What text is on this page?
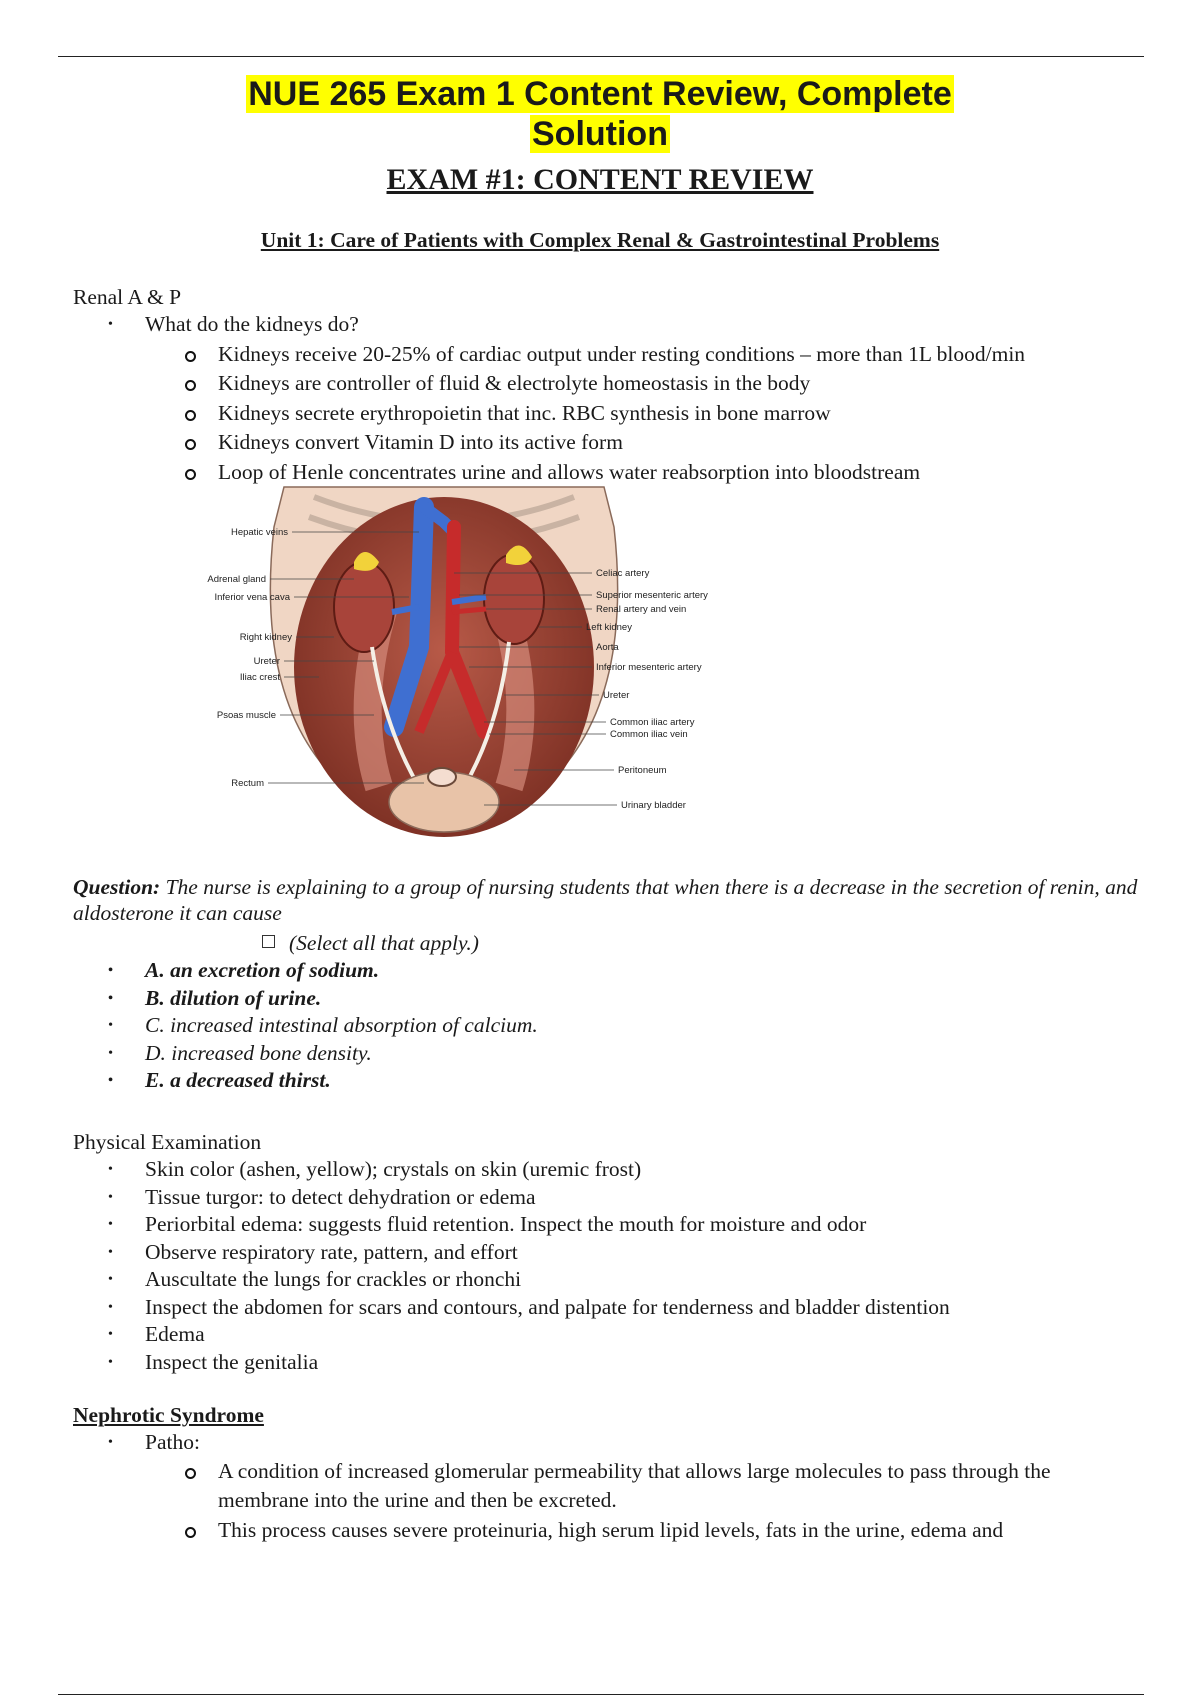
NUE 265 Exam 1 Content Review, Complete
Solution
EXAM #1: CONTENT REVIEW
Unit 1: Care of Patients with Complex Renal & Gastrointestinal Problems
Renal A & P
• What do the kidneys do?
Kidneys receive 20-25% of cardiac output under resting conditions – more than 1L blood/min
Kidneys are controller of fluid & electrolyte homeostasis in the body
Kidneys secrete erythropoietin that inc. RBC synthesis in bone marrow
Kidneys convert Vitamin D into its active form
Loop of Henle concentrates urine and allows water reabsorption into bloodstream
Hepatic veins
Adrenal gland
Inferior vena cava
Right kidney
Ureter
Iliac crest
Psoas muscle
Rectum
Celiac artery
Superior mesenteric artery
Renal artery and vein
Left kidney
Aorta
Inferior mesenteric artery
Ureter
Common iliac artery
Common iliac vein
Peritoneum
Urinary bladder
Question: The nurse is explaining to a group of nursing students that when there is a decrease in the secretion of renin, and aldosterone it can cause
(Select all that apply.)
• A. an excretion of sodium.
• B. dilution of urine.
• C. increased intestinal absorption of calcium.
• D. increased bone density.
• E. a decreased thirst.
Physical Examination
• Skin color (ashen, yellow); crystals on skin (uremic frost)
• Tissue turgor: to detect dehydration or edema
• Periorbital edema: suggests fluid retention. Inspect the mouth for moisture and odor
• Observe respiratory rate, pattern, and effort
• Auscultate the lungs for crackles or rhonchi
• Inspect the abdomen for scars and contours, and palpate for tenderness and bladder distention
• Edema
• Inspect the genitalia
Nephrotic Syndrome
• Patho:
A condition of increased glomerular permeability that allows large molecules to pass through the
membrane into the urine and then be excreted.
This process causes severe proteinuria, high serum lipid levels, fats in the urine, edema and
